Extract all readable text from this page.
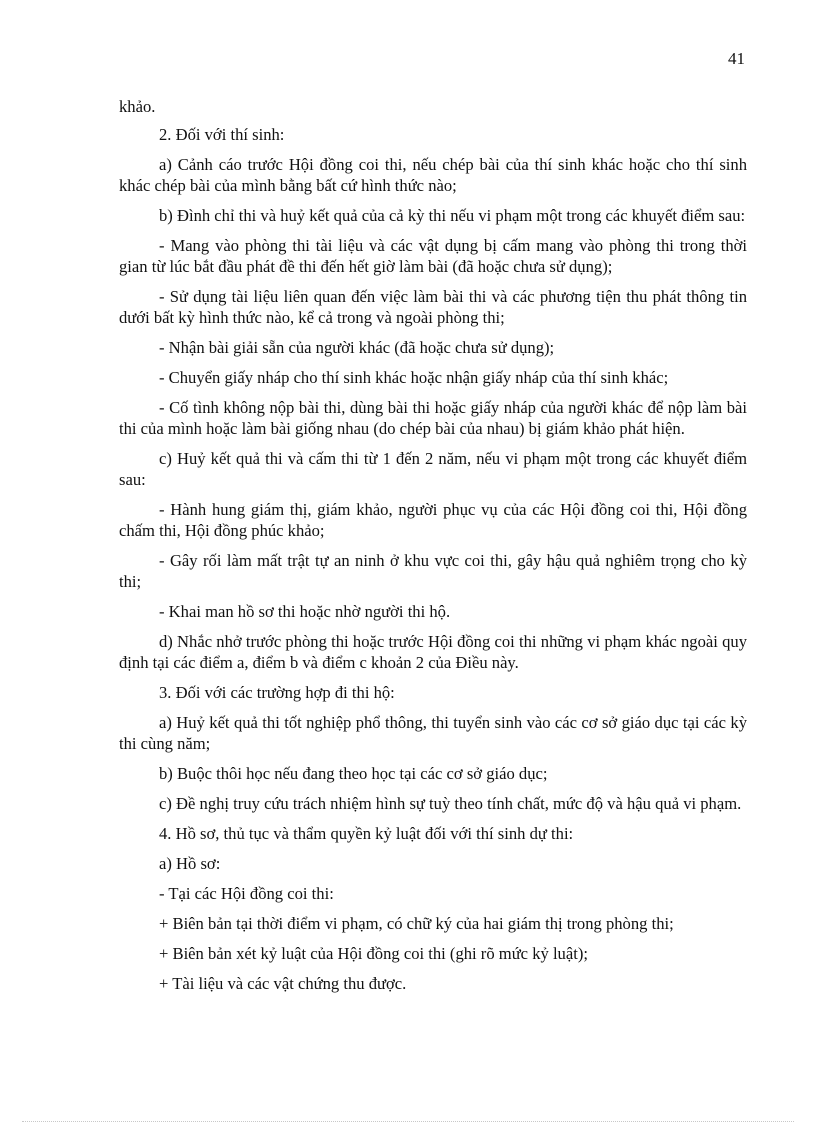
41

khảo.

2. Đối với thí sinh:

a) Cảnh cáo trước Hội đồng coi thi, nếu chép bài của thí sinh khác hoặc cho thí sinh khác chép bài của mình bằng bất cứ hình thức nào;

b) Đình chỉ thi và huỷ kết quả của cả kỳ thi nếu vi phạm một trong các khuyết điểm sau:

- Mang vào phòng thi tài liệu và các vật dụng bị cấm mang vào phòng thi trong thời gian từ lúc bắt đầu phát đề thi đến hết giờ làm bài (đã hoặc chưa sử dụng);

- Sử dụng tài liệu liên quan đến việc làm bài thi và các phương tiện thu phát thông tin dưới bất kỳ hình thức nào, kể cả trong và ngoài phòng thi;

- Nhận bài giải sẵn của người khác (đã hoặc chưa sử dụng);

- Chuyển giấy nháp cho thí sinh khác hoặc nhận giấy nháp của thí sinh khác;

- Cố tình không nộp bài thi, dùng bài thi hoặc giấy nháp của người khác để nộp làm bài thi của mình hoặc làm bài giống nhau (do chép bài của nhau) bị giám khảo phát hiện.

c) Huỷ kết quả thi và cấm thi từ 1 đến 2 năm, nếu vi phạm một trong các khuyết điểm sau:

- Hành hung giám thị, giám khảo, người phục vụ của các Hội đồng coi thi, Hội đồng chấm thi, Hội đồng phúc khảo;

- Gây rối làm mất trật tự an ninh ở khu vực coi thi, gây hậu quả nghiêm trọng cho kỳ thi;

- Khai man hồ sơ thi hoặc nhờ người thi hộ.

d) Nhắc nhở trước phòng thi hoặc trước Hội đồng coi thi những vi phạm khác ngoài quy định tại các điểm a, điểm b và điểm c khoản 2 của Điều này.

3. Đối với các trường hợp đi thi hộ:

a) Huỷ kết quả thi tốt nghiệp phổ thông, thi tuyển sinh vào các cơ sở giáo dục tại các kỳ thi cùng năm;

b) Buộc thôi học nếu đang theo học tại các cơ sở giáo dục;

c) Đề nghị truy cứu trách nhiệm hình sự tuỳ theo tính chất, mức độ và hậu quả vi phạm.

4. Hồ sơ, thủ tục và thẩm quyền kỷ luật đối với thí sinh dự thi:

a) Hồ sơ:

- Tại các Hội đồng coi thi:

+ Biên bản tại thời điểm vi phạm, có chữ ký của hai giám thị trong phòng thi;

+ Biên bản xét kỷ luật của Hội đồng coi thi (ghi rõ mức kỷ luật);

+ Tài liệu và các vật chứng thu được.
